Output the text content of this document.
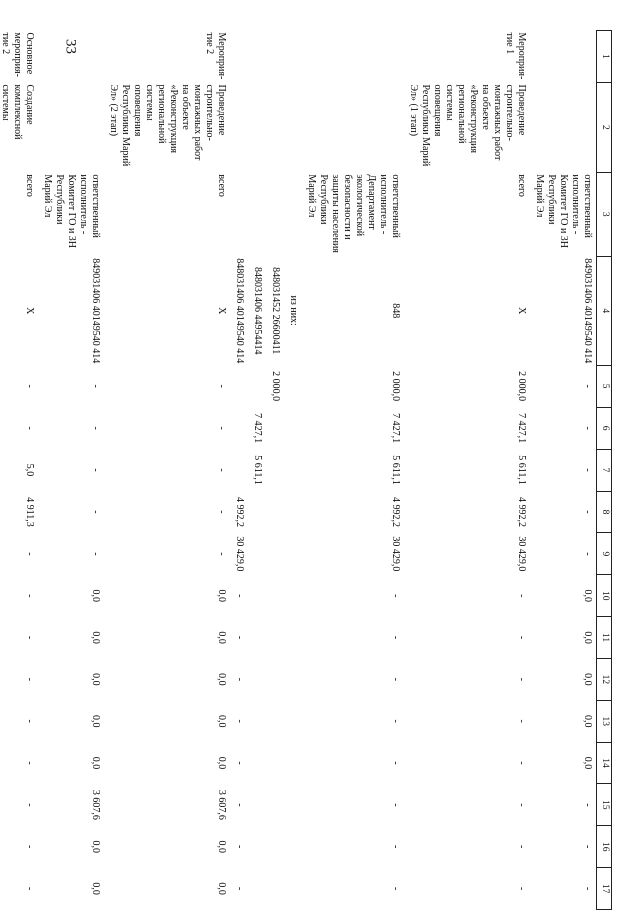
33
1	2	3	4	5	6	7	8	9	10	11	12	13	14	15	16	17
		ответственный исполнитель - Комитет ГО и ЗН Республики Марий Эл	849031406 40149540 414	-	-	-	-	-	0,0	0,0	0,0	0,0	0,0	-	-	-
Мероприя-тие 1	Проведение строительно-монтажных работ на объекте «Реконструкция региональной системы оповещения Республики Марий Эл» (1 этап)	всего	X	2 000,0	7 427,1	5 611,1	4 992,2	30 429,0	-	-	-	-	-	-	-	-
		ответственный исполнитель - Департамент экологической безопасности и защиты населения Республики Марий Эл	848	2 000,0	7 427,1	5 611,1	4 992,2	30 429,0	-	-	-	-	-	-	-	-
			из них:													
			848031452 26600411	2 000,0												
			848031406 44954414		7 427,1	5 611,1										
			848031406 40149540 414				4 992,2	30 429,0	-	-	-	-	-	-	-	-
Мероприя-тие 2	Проведение строительно-монтажных работ на объекте «Реконструкция региональной системы оповещения Республики Марий Эл» (2 этап)	всего	X	-	-	-	-	-	0,0	0,0	0,0	0,0	0,0	3 607,6	0,0	0,0
		ответственный исполнитель - Комитет ГО и ЗН Республики Марий Эл	849031406 40149540 414	-	-	-	-	-	0,0	0,0	0,0	0,0	0,0	3 607,6	0,0	0,0
Основное мероприя-тие 2	Создание комплексной системы	всего	X	-	-	5,0	4 911,3	-	-	-	-	-	-	-	-	-
